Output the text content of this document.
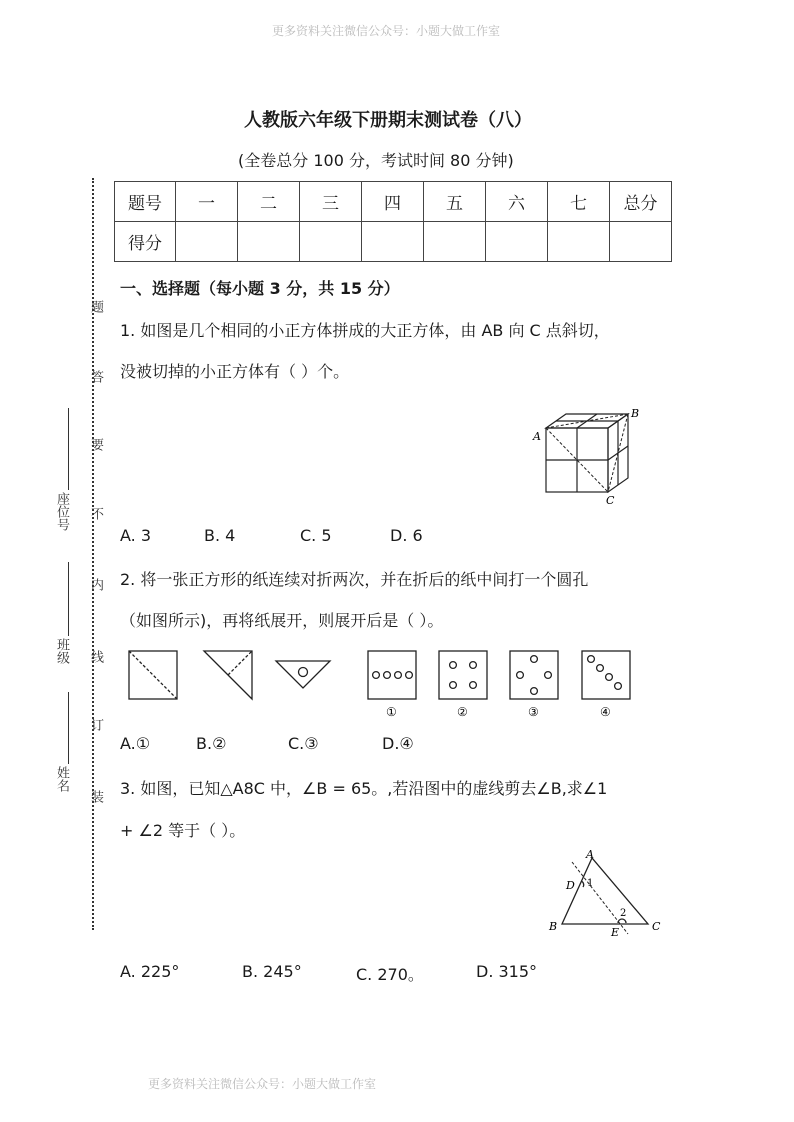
更多资料关注微信公众号：小题大做工作室
更多资料关注微信公众号：小题大做工作室
人教版六年级下册期末测试卷（八）
(全卷总分 100 分，考试时间 80 分钟)
题
答
要
不
内
线
订
装
座位号
班级
姓名
题号	一	二	三	四	五	六	七	总分
得分								
一、选择题（每小题 3 分，共 15 分）
1. 如图是几个相同的小正方体拼成的大正方体，由 AB 向 C 点斜切，
没被切掉的小正方体有（ ）个。
A
B
C
A. 3	B. 4	C. 5	D. 6
2. 将一张正方形的纸连续对折两次，并在折后的纸中间打一个圆孔
（如图所示)，再将纸展开，则展开后是（ ）。
①	②	③	④
A.①	B.②	C.③	D.④
3. 如图，已知△A8C 中，∠B = 65。,若沿图中的虚线剪去∠B,求∠1
+ ∠2 等于（ ）。
A
B	C
D
E
1
2
A. 225°	B. 245°	C. 270。	D. 315°
